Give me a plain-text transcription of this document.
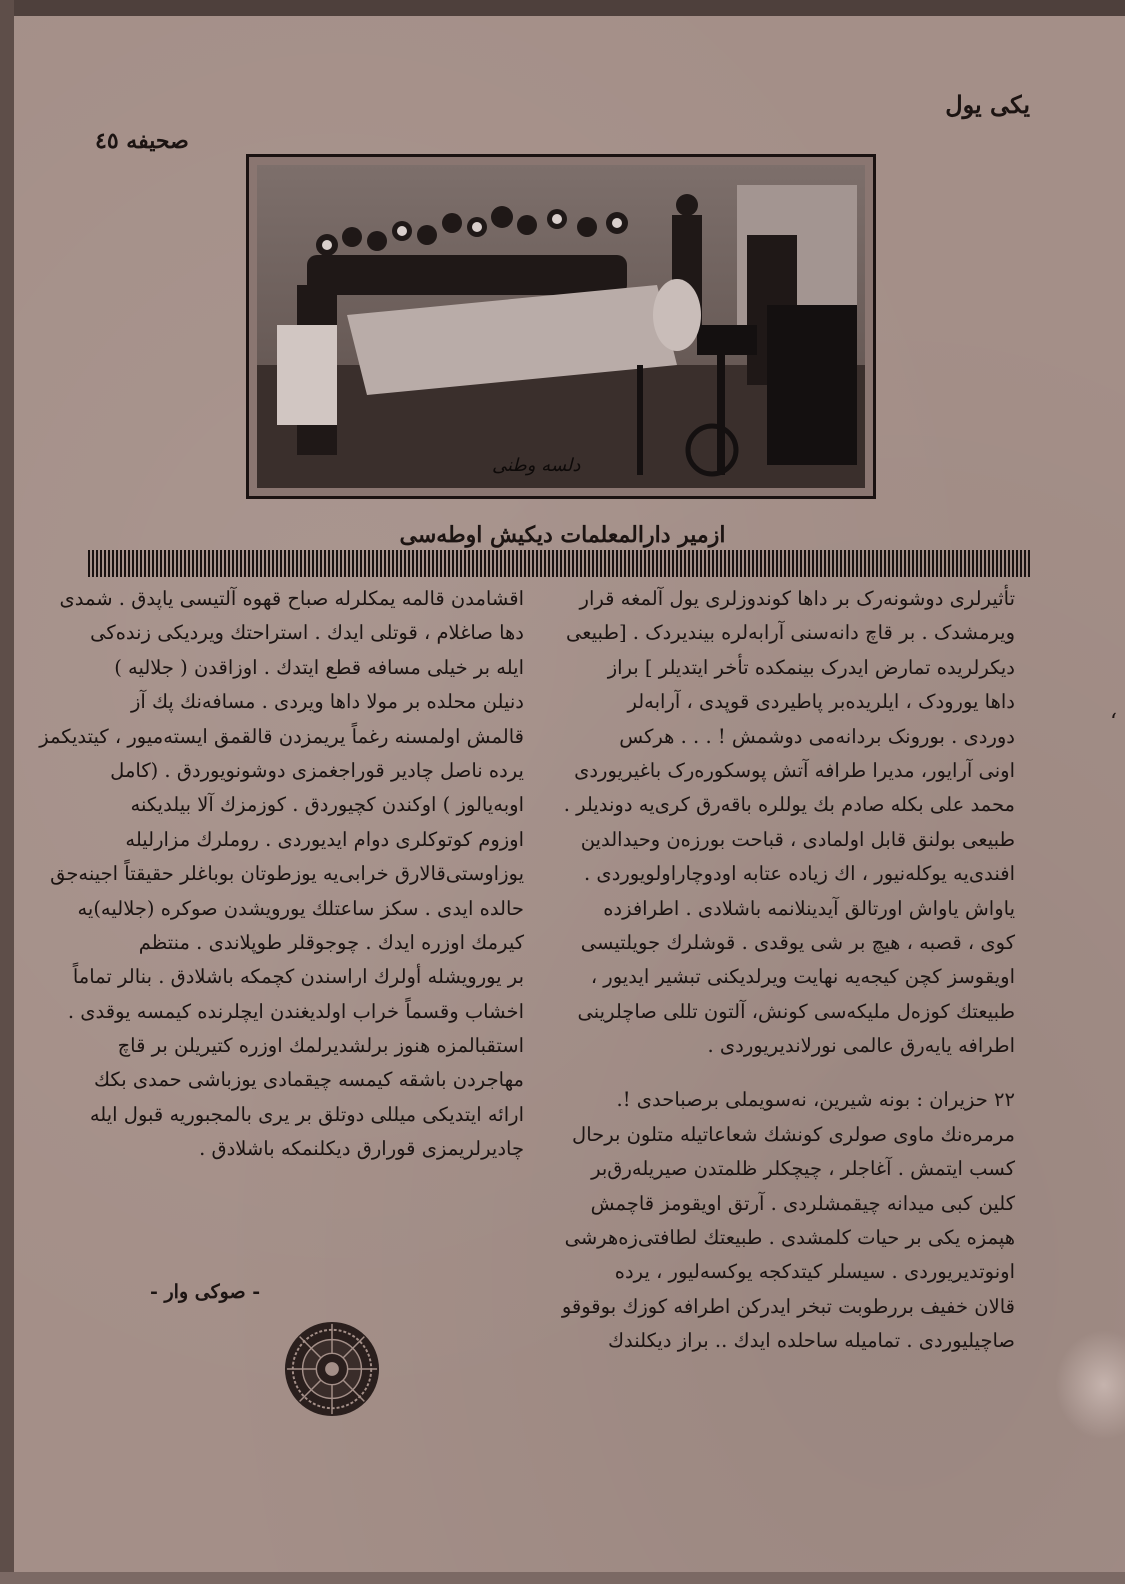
‘
یکی یول
صحیفه ٤٥
دلسه وطنی
ازمیر دارالمعلمات دیکیش اوطه‌سی
تأثیرلری دوشونه‌رک بر داها کوندوزلری یول آلمغه قرار
ویرمشدک . بر قاچ دانه‌سنی آرابه‌لره بیندیردک . [طبیعی
دیکرلریده تمارض ایدرک بینمکده تأخر ایتدیلر ] براز
داها یورودک ، ایلریده‌بر پاطیردی قوپدی ، آرابه‌لر
دوردی . بورونک بردانه‌می دوشمش ! . . . هرکس
اونی آرایور، مدیرا طرافه آتش پوسکوره‌رک باغیریوردی
محمد علی بکله صادم بك یوللره باقه‌رق کری‌یه دوندیلر .
طبیعی بولنق قابل اولمادی ، قباحت بورزه‌ن وحیدالدین
افندی‌یه یوکله‌نیور ، اك زیاده عتابه اودوچاراولویوردی .
یاواش یاواش اورتالق آیدینلانمه باشلادی . اطرافزده
کوی ، قصبه ، هیچ بر شی یوقدی . قوشلرك جویلتیسی
اویقوسز کچن کیجه‌یه نهایت ویرلدیکنی تبشیر ایدیور ،
طبیعتك کوزه‌ل ملیکه‌سی کونش، آلتون تللی صاچلرینی
اطرافه یایه‌رق عالمی نورلاندیریوردی .
٢٢ حزیران : بونه شیرین، نه‌سویملی برصباحدی !.
مرمره‌نك ماوی صولری کونشك شعاعاتیله متلون برحال
کسب ایتمش . آغاجلر ، چیچکلر ظلمتدن صیریله‌رق‌بر
کلین کبی میدانه چیقمشلردی . آرتق اویقومز قاچمش
هپمزه یکی بر حیات کلمشدی . طبیعتك لطافتی‌زه‌هرشی
اونوتدیریوردی . سیسلر کیتدکجه یوکسه‌لیور ، یرده
قالان خفیف بررطوبت تبخر ایدرکن اطرافه کوزك بوقوقو
صاچیلیوردی . تماميله ساحلده ایدك .. براز دیکلندك
اقشامدن قالمه یمکلرله صباح قهوه آلتیسی یاپدق . شمدی
دها صاغلام ، قوتلی ایدك . استراحتك ویردیکی زنده‌کی
ایله بر خیلی مسافه قطع ایتدك . اوزاقدن ( جلالیه )
دنیلن محلده بر مولا داها ویردی . مسافه‌نك پك آز
قالمش اولمسنه رغماً یریمزدن قالقمق ایسته‌میور ، کیتدیکمز
یرده ناصل چادیر قوراجغمزی دوشونویوردق . (کامل
اوبه‌یالوز ) اوکندن کچیوردق . کوزمزك آلا بیلدیکنه
اوزوم کوتوکلری دوام ایدیوردی . روملرك مزارلیله
یوزاوستی‌قالارق خرابی‌یه یوزطوتان بوباغلر حقیقتاً اجینه‌جق
حالده ایدی . سکز ساعتلك یورویشدن صوکره (جلالیه)یه
کیرمك اوزره ایدك . چوجوقلر طوپلاندی . منتظم
بر یورویشله أولرك اراسندن کچمکه باشلادق . بنالر تماماً
اخشاب وقسماً خراب اولدیغندن ایچلرنده کیمسه یوقدی .
استقبالمزه هنوز برلشدیرلمك اوزره کتیریلن بر قاچ
مهاجردن باشقه کیمسه چیقمادی یوزباشی حمدی بکك
ارائه ایتدیکی میللی دوتلق بر یری بالمجبوریه قبول ایله
چادیرلریمزی قورارق دیکلنمکه باشلادق .
- صوکی وار -
